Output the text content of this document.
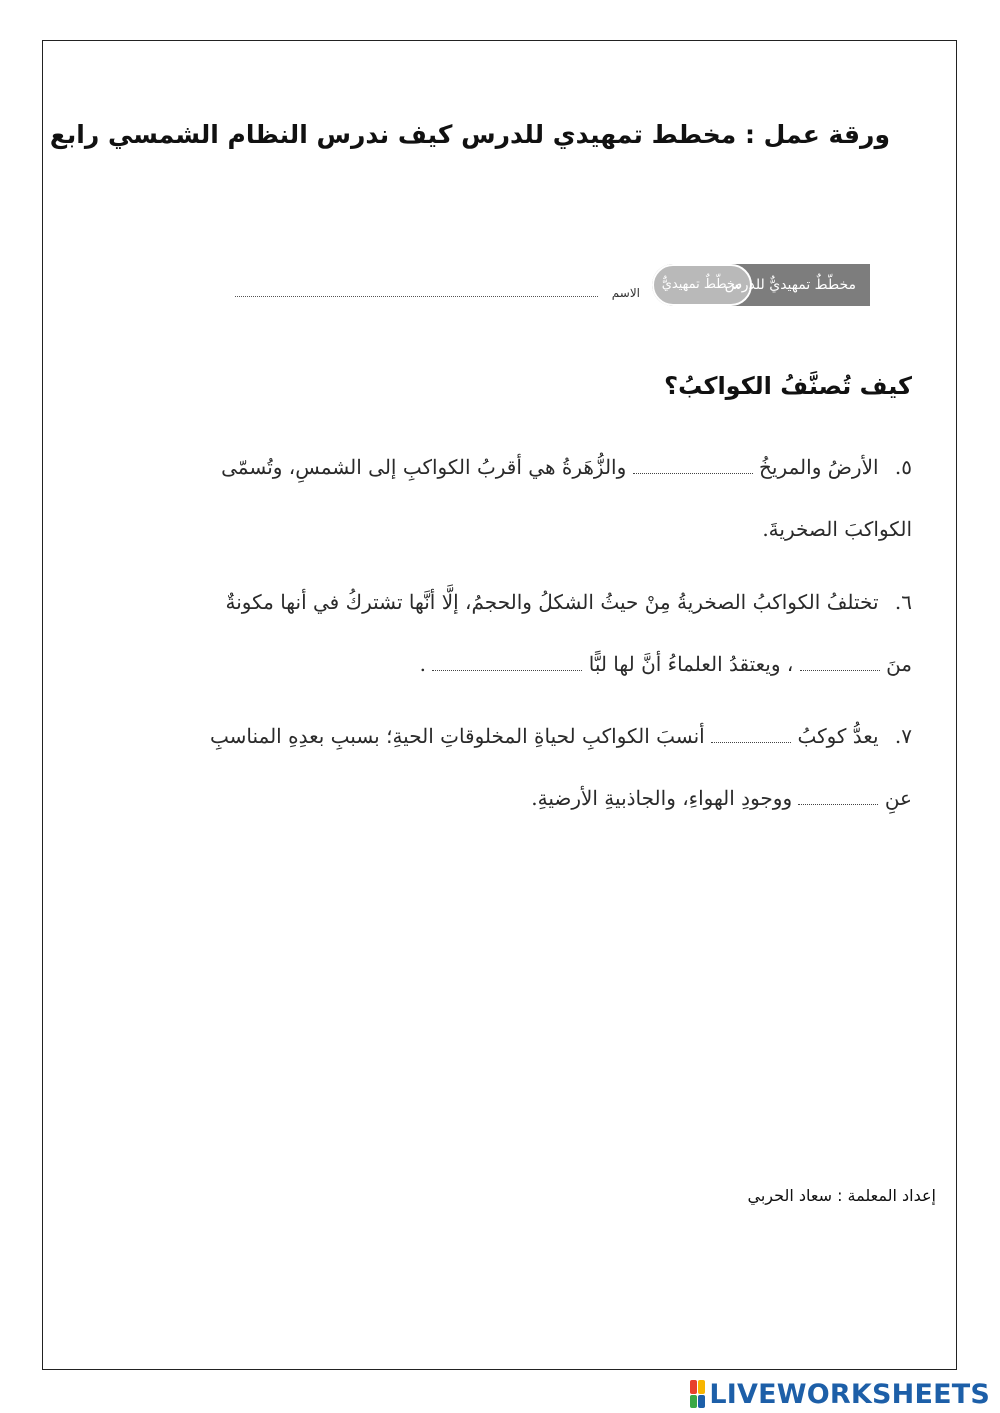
ورقة عمل : مخطط تمهيدي للدرس كيف ندرس النظام الشمسي رابع
مخطّطٌ تمهيديٌّ للدرس
مخطّطٌ تمهيديٌّ للدرس
الاسم
كيف تُصنَّفُ الكواكبُ؟
٥. الأرضُ والمريخُ  والزُّهَرةُ هي أقربُ الكواكبِ إلى الشمسِ، وتُسمّى
الكواكبَ الصخريةَ.
٦. تختلفُ الكواكبُ الصخريةُ مِنْ حيثُ الشكلُ والحجمُ، إلَّا أنَّها تشتركُ في أنها مكونةٌ
منَ  ، ويعتقدُ العلماءُ أنَّ لها لبًّا  .
٧. يعدُّ كوكبُ  أنسبَ الكواكبِ لحياةِ المخلوقاتِ الحيةِ؛ بسببِ بعدِهِ المناسبِ
عنِ  ووجودِ الهواءِ، والجاذبيةِ الأرضيةِ.
إعداد المعلمة : سعاد الحربي
LIVEWORKSHEETS
